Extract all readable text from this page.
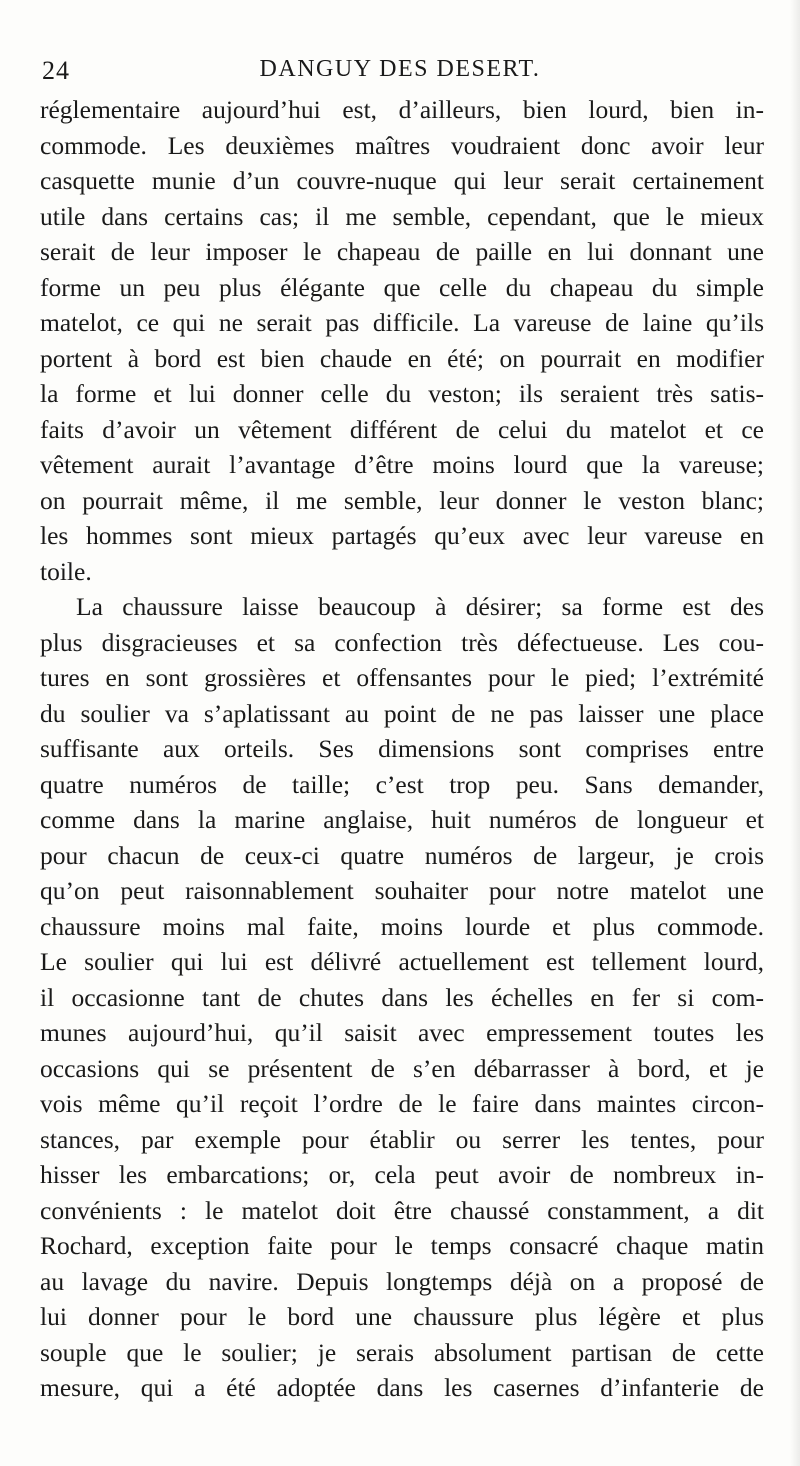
24	DANGUY DES DESERT.
réglementaire aujourd’hui est, d’ailleurs, bien lourd, bien in-
commode. Les deuxièmes maîtres voudraient donc avoir leur
casquette munie d’un couvre-nuque qui leur serait certainement
utile dans certains cas; il me semble, cependant, que le mieux
serait de leur imposer le chapeau de paille en lui donnant une
forme un peu plus élégante que celle du chapeau du simple
matelot, ce qui ne serait pas difficile. La vareuse de laine qu’ils
portent à bord est bien chaude en été; on pourrait en modifier
la forme et lui donner celle du veston; ils seraient très satis-
faits d’avoir un vêtement différent de celui du matelot et ce
vêtement aurait l’avantage d’être moins lourd que la vareuse;
on pourrait même, il me semble, leur donner le veston blanc;
les hommes sont mieux partagés qu’eux avec leur vareuse en
toile.
La chaussure laisse beaucoup à désirer; sa forme est des
plus disgracieuses et sa confection très défectueuse. Les cou-
tures en sont grossières et offensantes pour le pied; l’extrémité
du soulier va s’aplatissant au point de ne pas laisser une place
suffisante aux orteils. Ses dimensions sont comprises entre
quatre numéros de taille; c’est trop peu. Sans demander,
comme dans la marine anglaise, huit numéros de longueur et
pour chacun de ceux-ci quatre numéros de largeur, je crois
qu’on peut raisonnablement souhaiter pour notre matelot une
chaussure moins mal faite, moins lourde et plus commode.
Le soulier qui lui est délivré actuellement est tellement lourd,
il occasionne tant de chutes dans les échelles en fer si com-
munes aujourd’hui, qu’il saisit avec empressement toutes les
occasions qui se présentent de s’en débarrasser à bord, et je
vois même qu’il reçoit l’ordre de le faire dans maintes circon-
stances, par exemple pour établir ou serrer les tentes, pour
hisser les embarcations; or, cela peut avoir de nombreux in-
convénients : le matelot doit être chaussé constamment, a dit
Rochard, exception faite pour le temps consacré chaque matin
au lavage du navire. Depuis longtemps déjà on a proposé de
lui donner pour le bord une chaussure plus légère et plus
souple que le soulier; je serais absolument partisan de cette
mesure, qui a été adoptée dans les casernes d’infanterie de
